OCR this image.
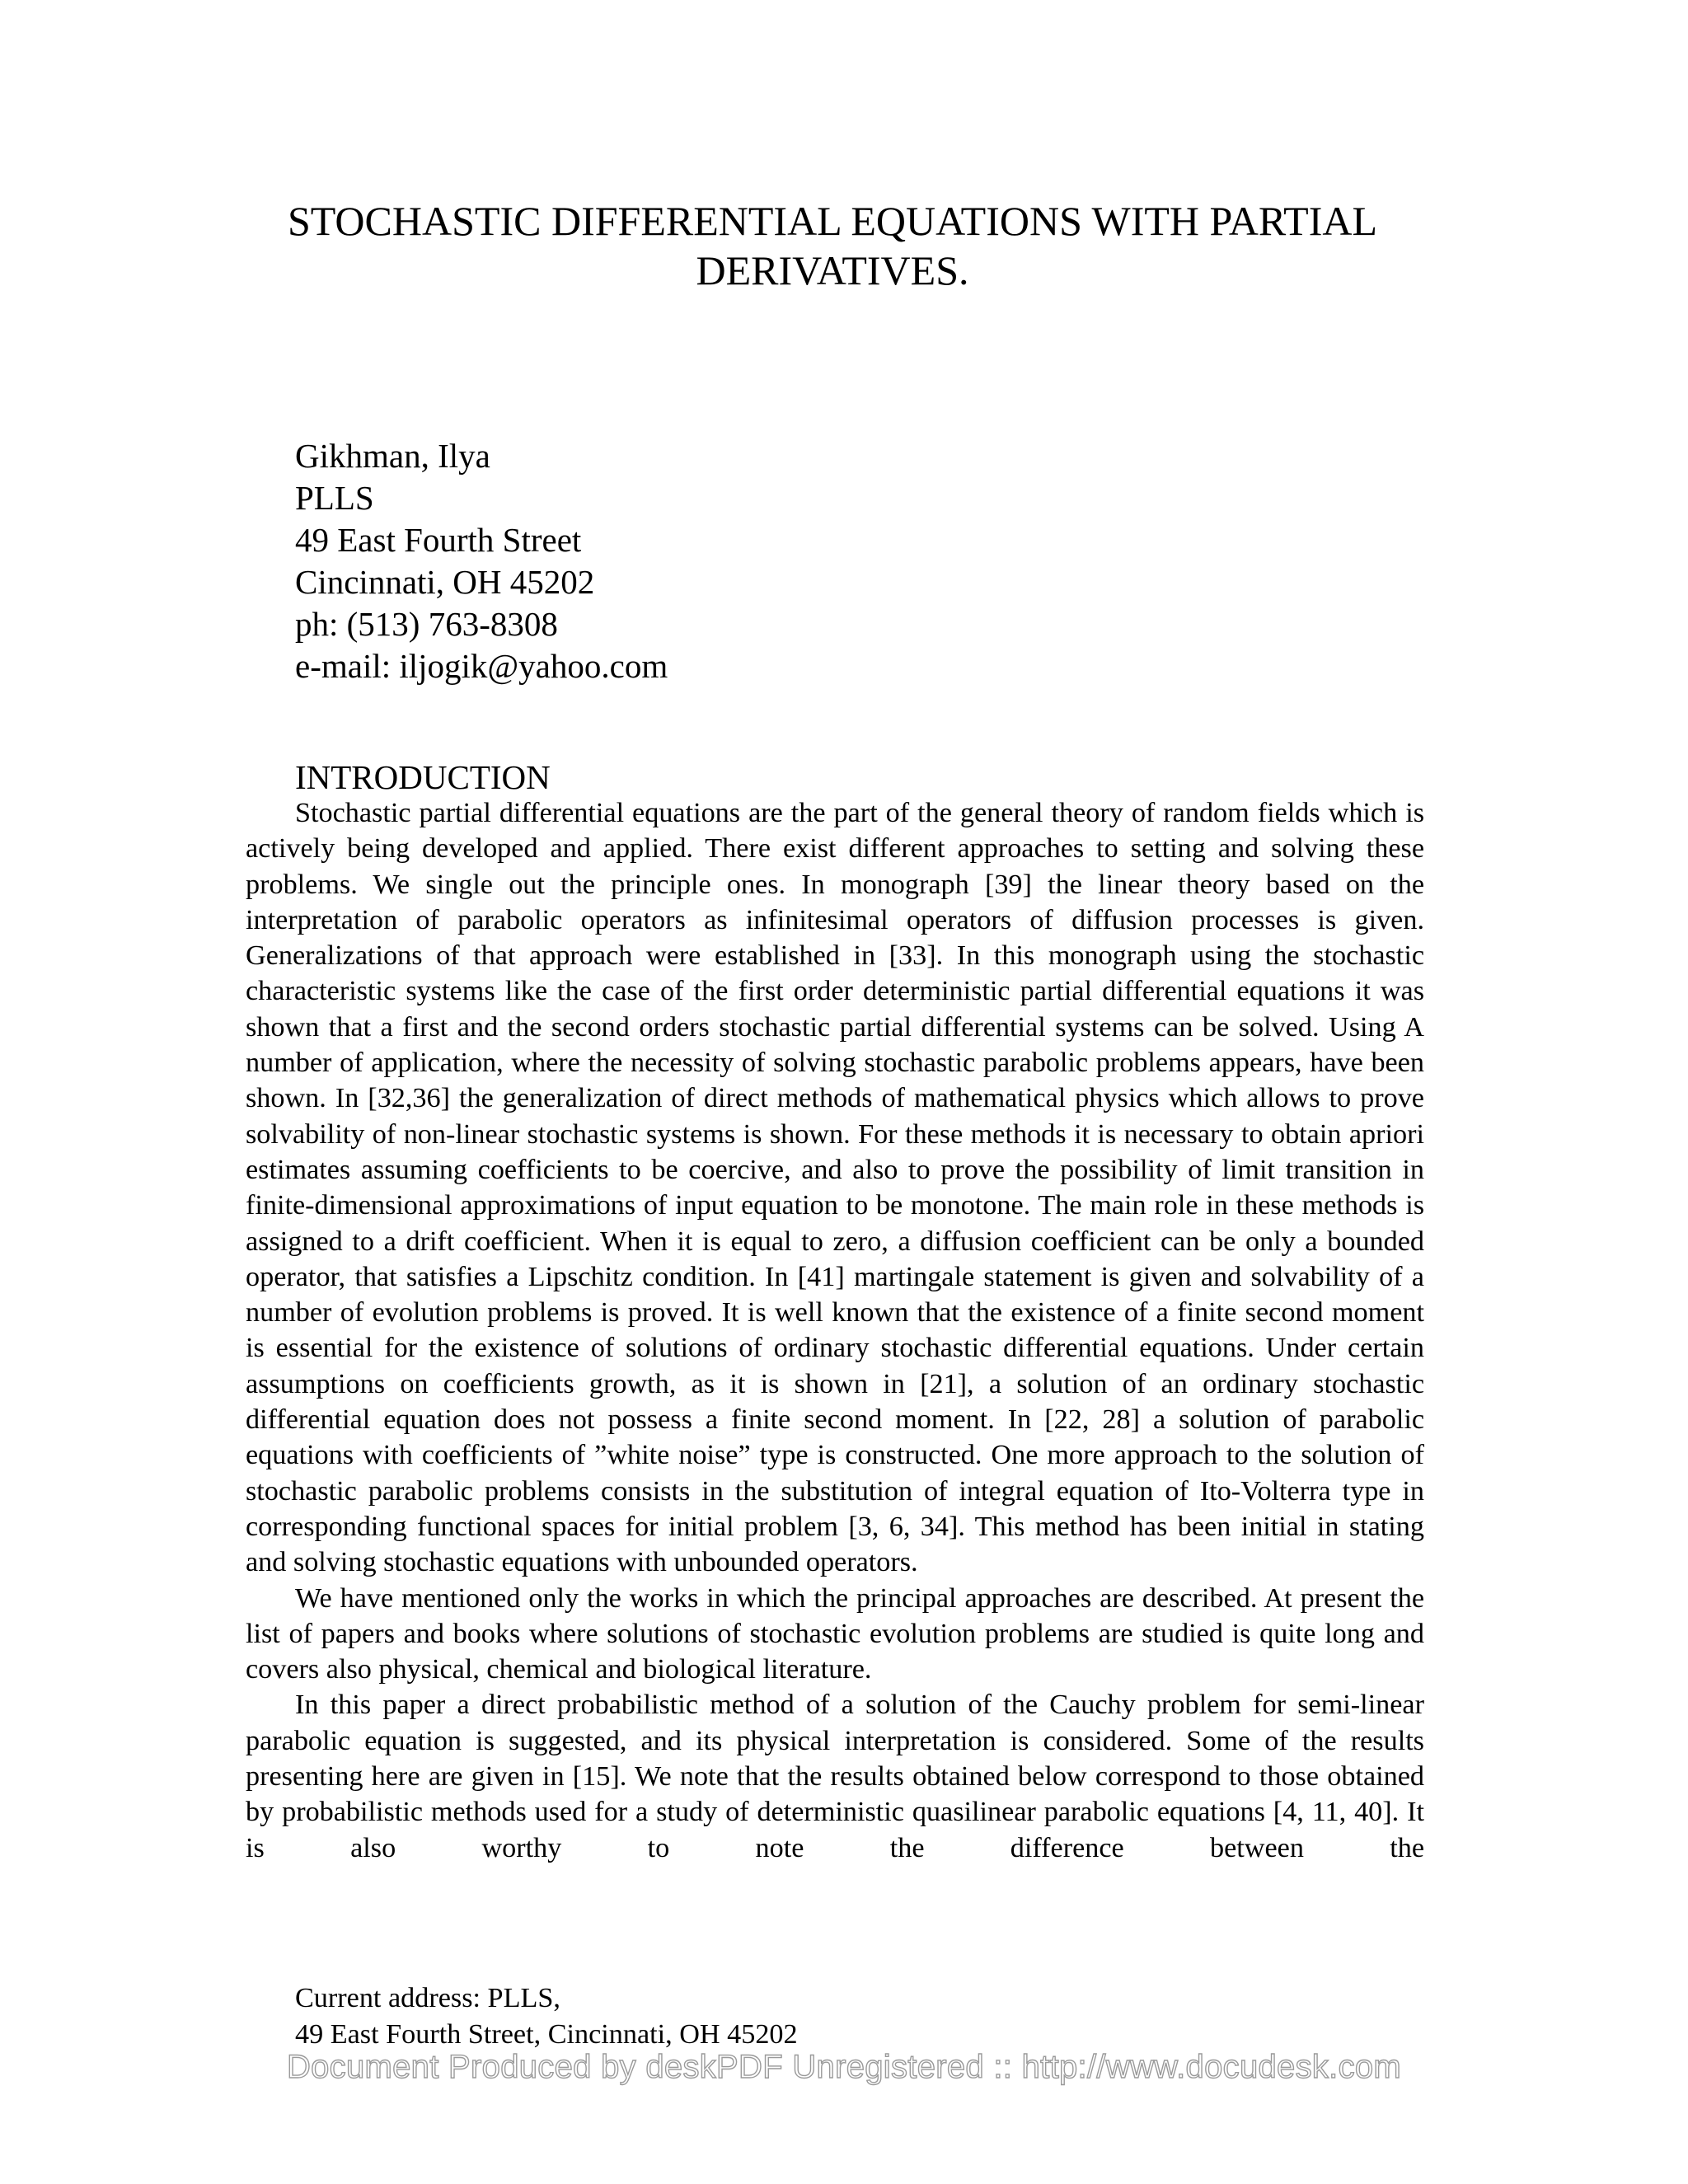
STOCHASTIC DIFFERENTIAL EQUATIONS WITH PARTIAL
DERIVATIVES.
Gikhman, Ilya
PLLS
49 East Fourth Street
Cincinnati, OH 45202
ph: (513) 763-8308
e-mail: iljogik@yahoo.com
INTRODUCTION

Stochastic partial differential equations are the part of the general theory of random fields which is actively being developed and applied. There exist different approaches to setting and solving these problems. We single out the principle ones. In monograph [39] the linear theory based on the interpretation of parabolic operators as infinitesimal operators of diffusion processes is given. Generalizations of that approach were established in [33]. In this monograph using the stochastic characteristic systems like the case of the first order deterministic partial differential equations it was shown that a first and the second orders stochastic partial differential systems can be solved. Using A number of application, where the necessity of solving stochastic parabolic problems appears, have been shown. In [32,36] the generalization of direct methods of mathematical physics which allows to prove solvability of non-linear stochastic systems is shown. For these methods it is necessary to obtain apriori estimates assuming coefficients to be coercive, and also to prove the possibility of limit transition in finite-dimensional approximations of input equation to be monotone. The main role in these methods is assigned to a drift coefficient. When it is equal to zero, a diffusion coefficient can be only a bounded operator, that satisfies a Lipschitz condition. In [41] martingale statement is given and solvability of a number of evolution problems is proved. It is well known that the existence of a finite second moment is essential for the existence of solutions of ordinary stochastic differential equations. Under certain assumptions on coefficients growth, as it is shown in [21], a solution of an ordinary stochastic differential equation does not possess a finite second moment. In [22, 28] a solution of parabolic equations with coefficients of ”white noise” type is constructed. One more approach to the solution of stochastic parabolic problems consists in the substitution of integral equation of Ito-Volterra type in corresponding functional spaces for initial problem [3, 6, 34]. This method has been initial in stating and solving stochastic equations with unbounded operators.

We have mentioned only the works in which the principal approaches are described. At present the list of papers and books where solutions of stochastic evolution problems are studied is quite long and covers also physical, chemical and biological literature.

In this paper a direct probabilistic method of a solution of the Cauchy problem for semi-linear parabolic equation is suggested, and its physical interpretation is considered. Some of the results presenting here are given in [15]. We note that the results obtained below correspond to those obtained by probabilistic methods used for a study of deterministic quasilinear parabolic equations [4, 11, 40]. It is also worthy to note the difference between the

Current address: PLLS,
49 East Fourth Street, Cincinnati, OH 45202
Document Produced by deskPDF Unregistered :: http://www.docudesk.com
